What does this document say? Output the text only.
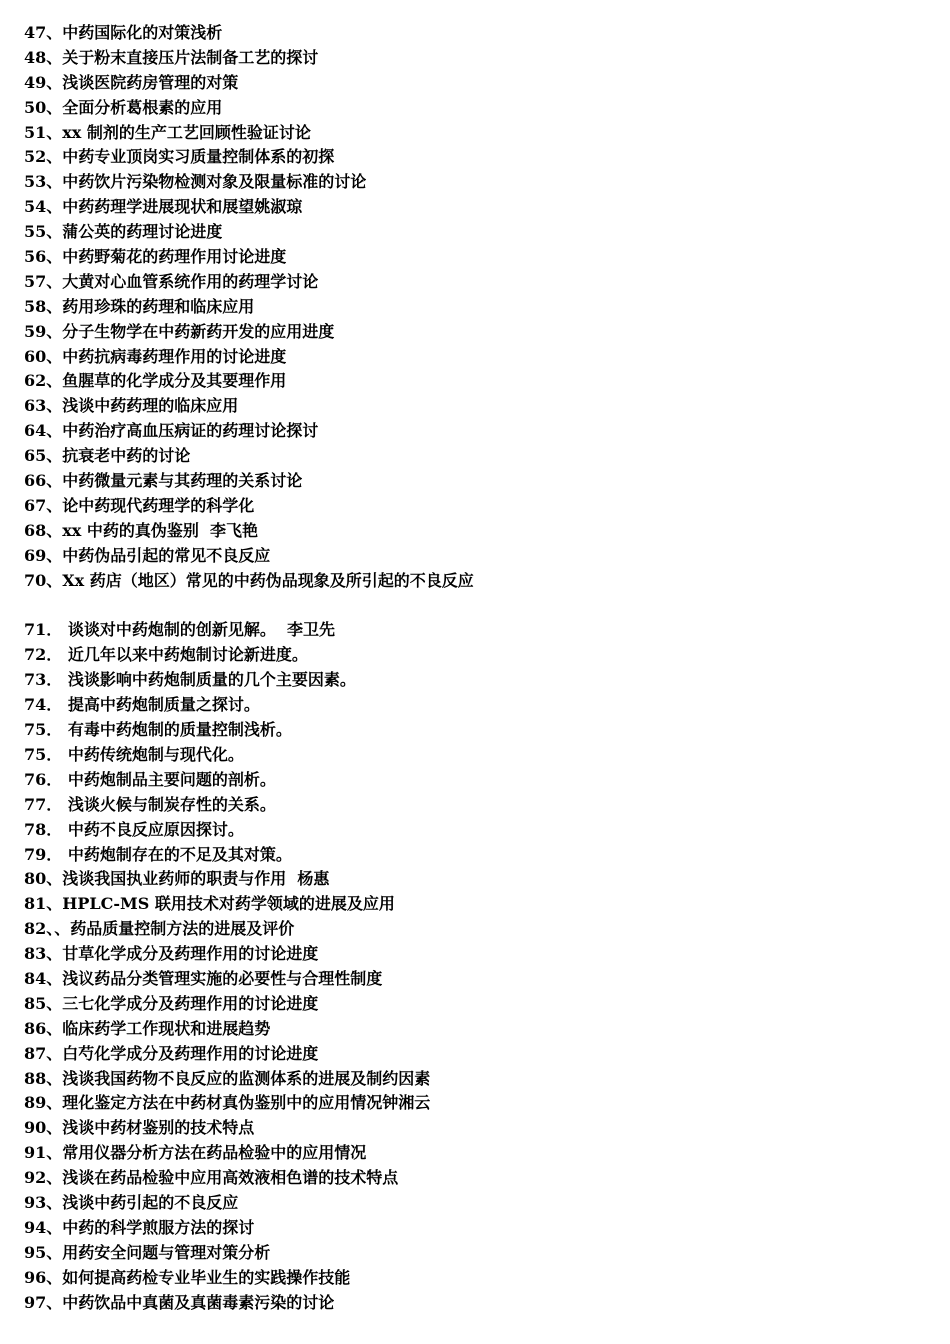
47、中药国际化的对策浅析
48、关于粉末直接压片法制备工艺的探讨
49、浅谈医院药房管理的对策
50、全面分析葛根素的应用
51、xx 制剂的生产工艺回顾性验证讨论
52、中药专业顶岗实习质量控制体系的初探
53、中药饮片污染物检测对象及限量标准的讨论
54、中药药理学进展现状和展望姚淑琼
55、蒲公英的药理讨论进度
56、中药野菊花的药理作用讨论进度
57、大黄对心血管系统作用的药理学讨论
58、药用珍珠的药理和临床应用
59、分子生物学在中药新药开发的应用进度
60、中药抗病毒药理作用的讨论进度
62、鱼腥草的化学成分及其要理作用
63、浅谈中药药理的临床应用
64、中药治疗高血压病证的药理讨论探讨
65、抗衰老中药的讨论
66、中药微量元素与其药理的关系讨论
67、论中药现代药理学的科学化
68、xx 中药的真伪鉴别  李飞艳
69、中药伪品引起的常见不良反应
70、Xx 药店（地区）常见的中药伪品现象及所引起的不良反应
71． 谈谈对中药炮制的创新见解。  李卫先
72． 近几年以来中药炮制讨论新进度。
73． 浅谈影响中药炮制质量的几个主要因素。
74． 提高中药炮制质量之探讨。
75． 有毒中药炮制的质量控制浅析。
75． 中药传统炮制与现代化。
76． 中药炮制品主要问题的剖析。
77． 浅谈火候与制炭存性的关系。
78． 中药不良反应原因探讨。
79． 中药炮制存在的不足及其对策。
80、浅谈我国执业药师的职责与作用  杨惠
81、HPLC-MS 联用技术对药学领域的进展及应用
82、、药品质量控制方法的进展及评价
83、甘草化学成分及药理作用的讨论进度
84、浅议药品分类管理实施的必要性与合理性制度
85、三七化学成分及药理作用的讨论进度
86、临床药学工作现状和进展趋势
87、白芍化学成分及药理作用的讨论进度
88、浅谈我国药物不良反应的监测体系的进展及制约因素
89、理化鉴定方法在中药材真伪鉴别中的应用情况钟湘云
90、浅谈中药材鉴别的技术特点
91、常用仪器分析方法在药品检验中的应用情况
92、浅谈在药品检验中应用高效液相色谱的技术特点
93、浅谈中药引起的不良反应
94、中药的科学煎服方法的探讨
95、用药安全问题与管理对策分析
96、如何提高药检专业毕业生的实践操作技能
97、中药饮品中真菌及真菌毒素污染的讨论
